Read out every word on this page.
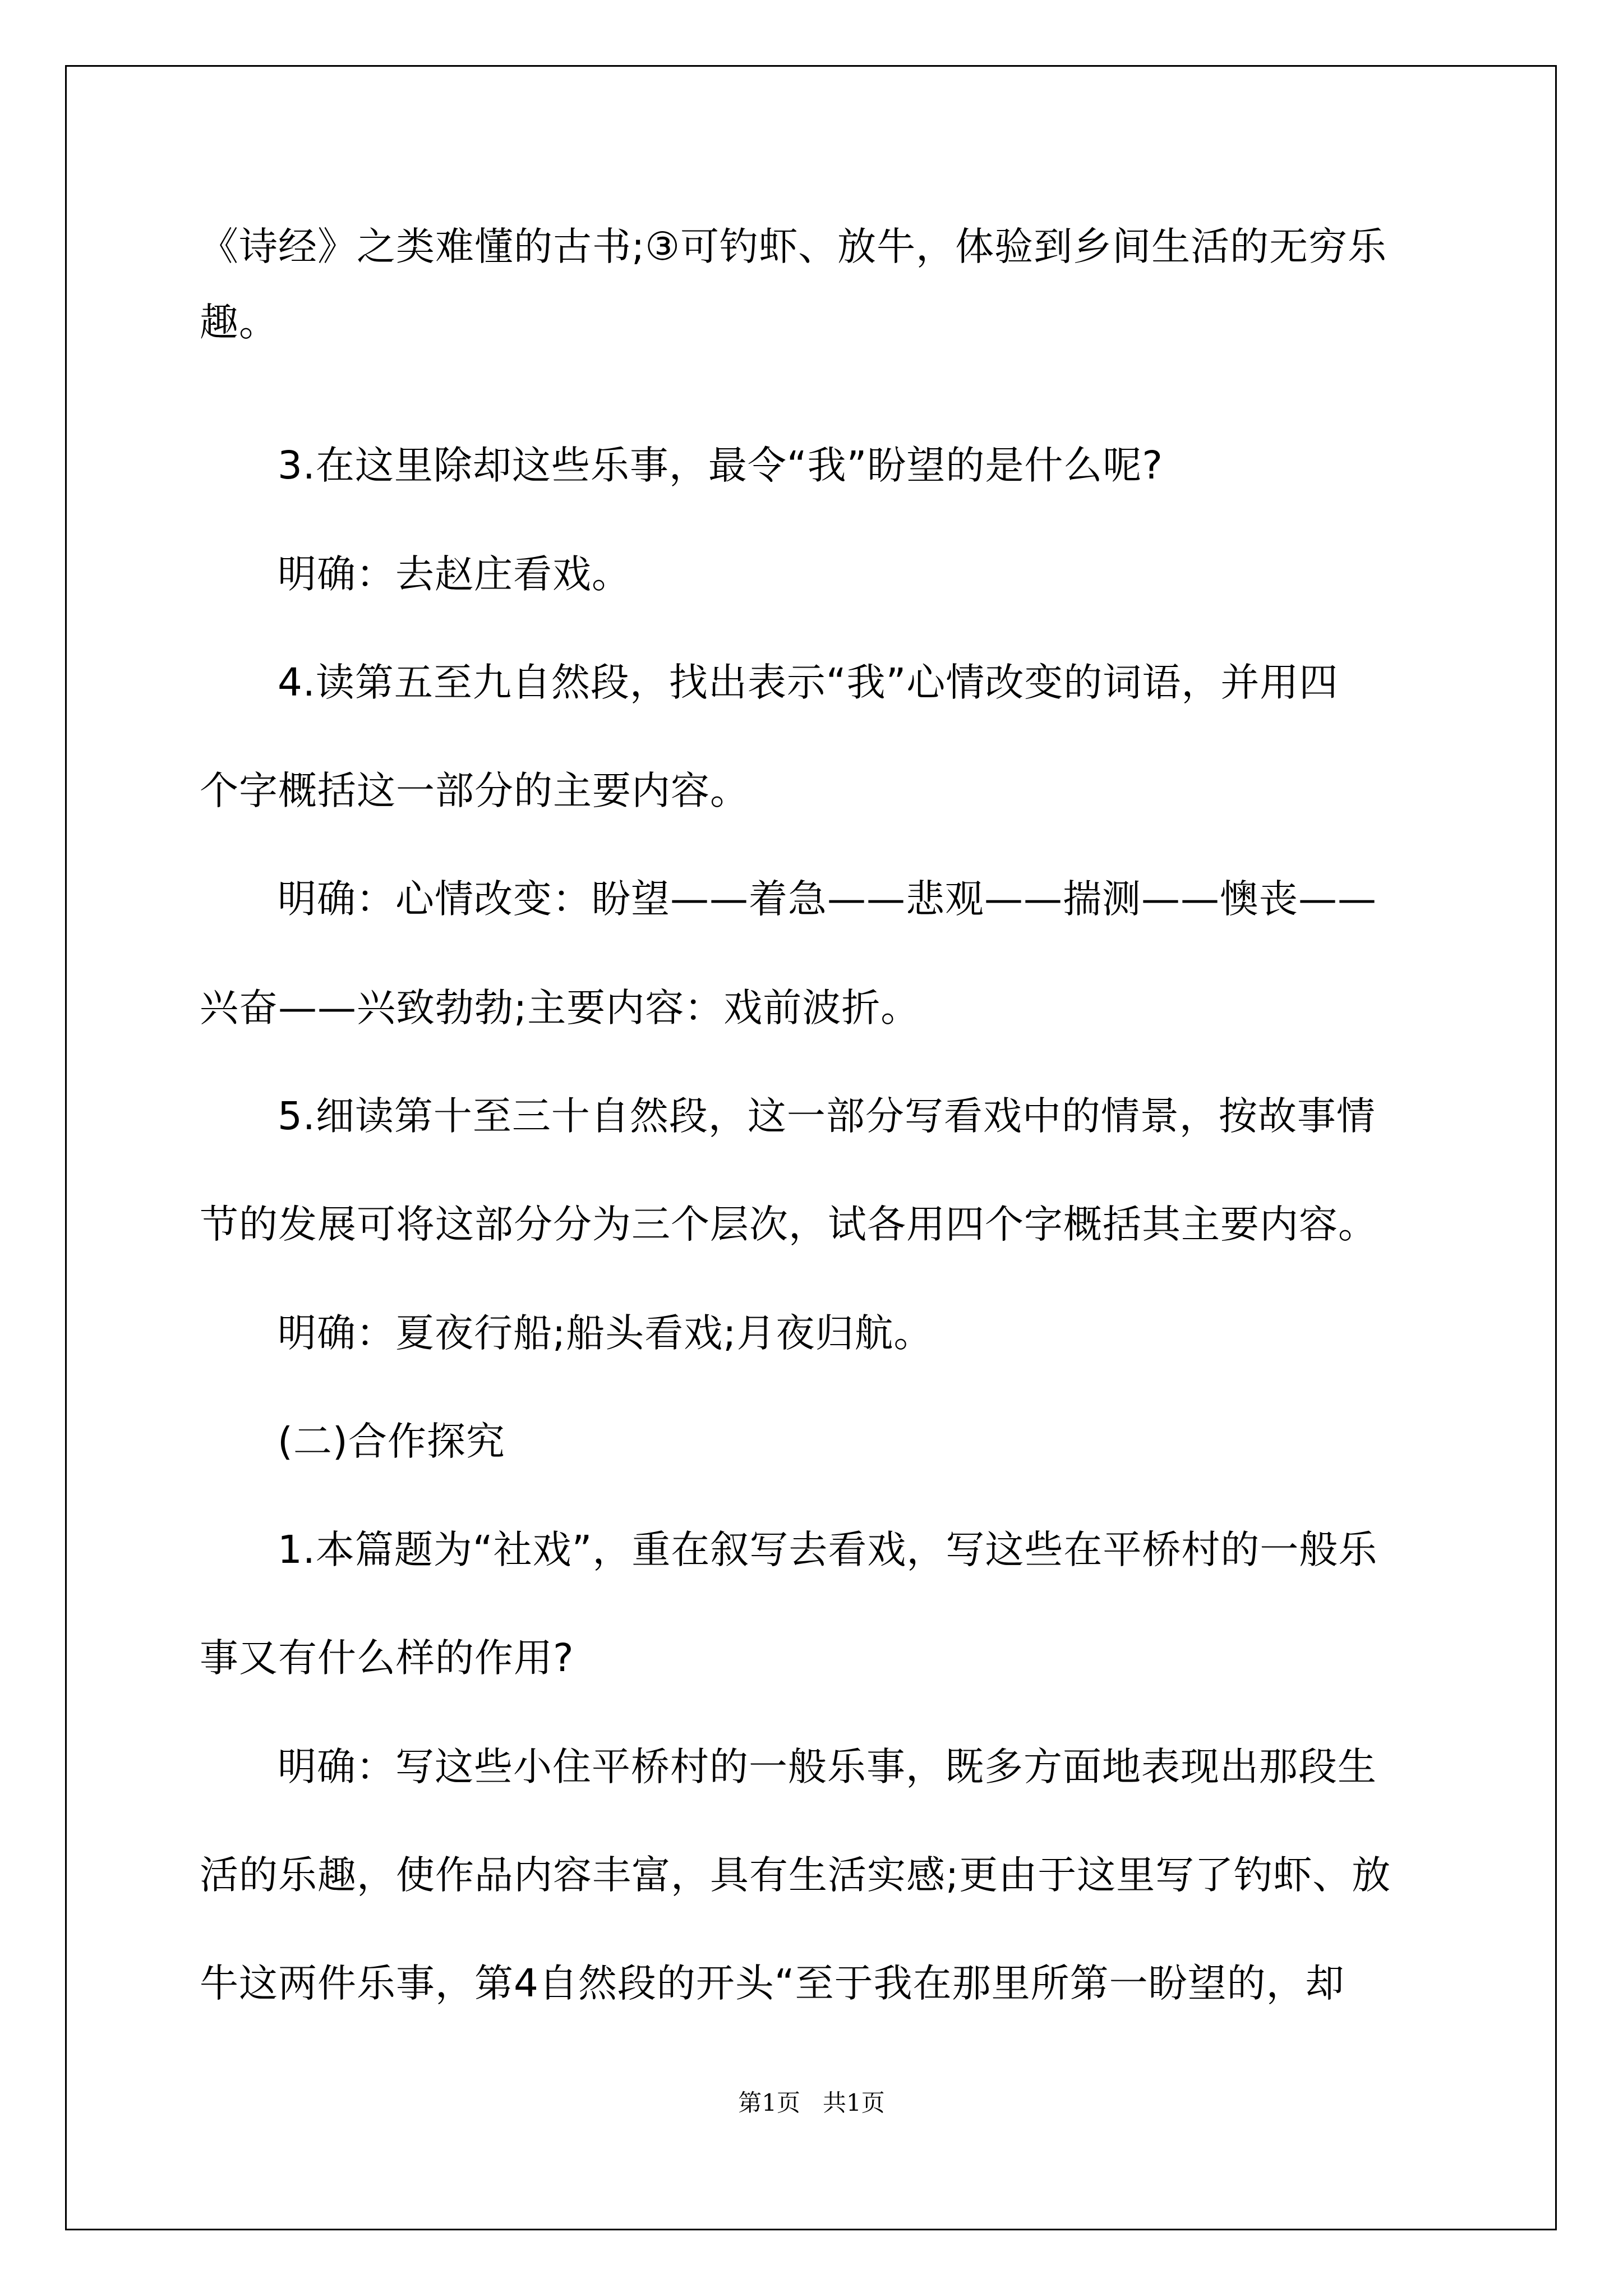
《诗经》之类难懂的古书;③可钓虾、放牛，体验到乡间生活的无穷乐
趣。
3.在这里除却这些乐事，最令“我”盼望的是什么呢?
明确：去赵庄看戏。
4.读第五至九自然段，找出表示“我”心情改变的词语，并用四
个字概括这一部分的主要内容。
明确：心情改变：盼望——着急——悲观——揣测——懊丧——
兴奋——兴致勃勃;主要内容：戏前波折。
5.细读第十至三十自然段，这一部分写看戏中的情景，按故事情
节的发展可将这部分分为三个层次，试各用四个字概括其主要内容。
明确：夏夜行船;船头看戏;月夜归航。
(二)合作探究
1.本篇题为“社戏”，重在叙写去看戏，写这些在平桥村的一般乐
事又有什么样的作用?
明确：写这些小住平桥村的一般乐事，既多方面地表现出那段生
活的乐趣，使作品内容丰富，具有生活实感;更由于这里写了钓虾、放
牛这两件乐事，第4自然段的开头“至于我在那里所第一盼望的，却
第1页   共1页
